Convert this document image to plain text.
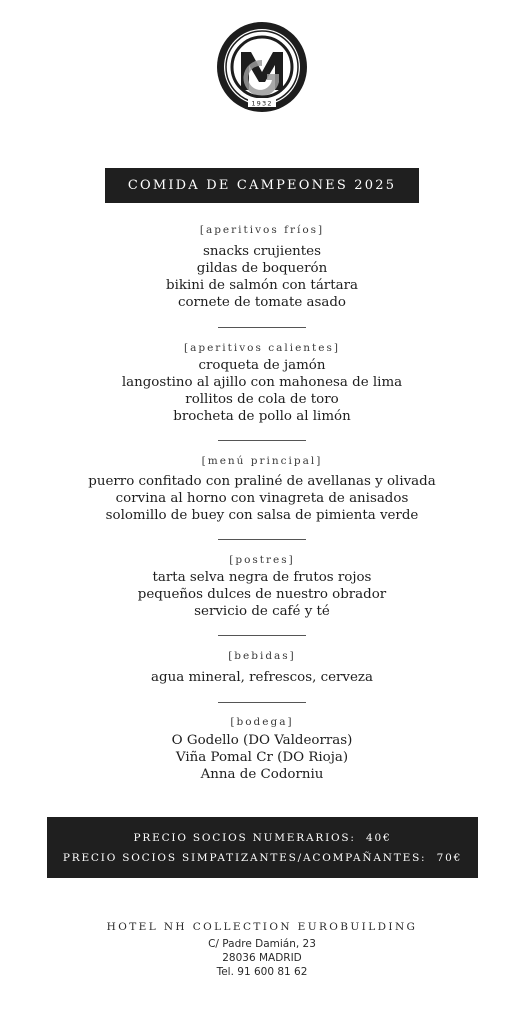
1932
COMIDA DE CAMPEONES 2025
[aperitivos fríos]
snacks crujientes
gildas de boquerón
bikini de salmón con tártara
cornete de tomate asado
[aperitivos calientes]
croqueta de jamón
langostino al ajillo con mahonesa de lima
rollitos de cola de toro
brocheta de pollo al limón
[menú principal]
puerro confitado con praliné de avellanas y olivada
corvina al horno con vinagreta de anisados
solomillo de buey con salsa de pimienta verde
[postres]
tarta selva negra de frutos rojos
pequeños dulces de nuestro obrador
servicio de café y té
[bebidas]
agua mineral, refrescos, cerveza
[bodega]
O Godello (DO Valdeorras)
Viña Pomal Cr (DO Rioja)
Anna de Codorniu
PRECIO SOCIOS NUMERARIOS:  40€
PRECIO SOCIOS SIMPATIZANTES/ACOMPAÑANTES:  70€
HOTEL NH COLLECTION EUROBUILDING
C/ Padre Damián, 23
28036 MADRID
Tel. 91 600 81 62
